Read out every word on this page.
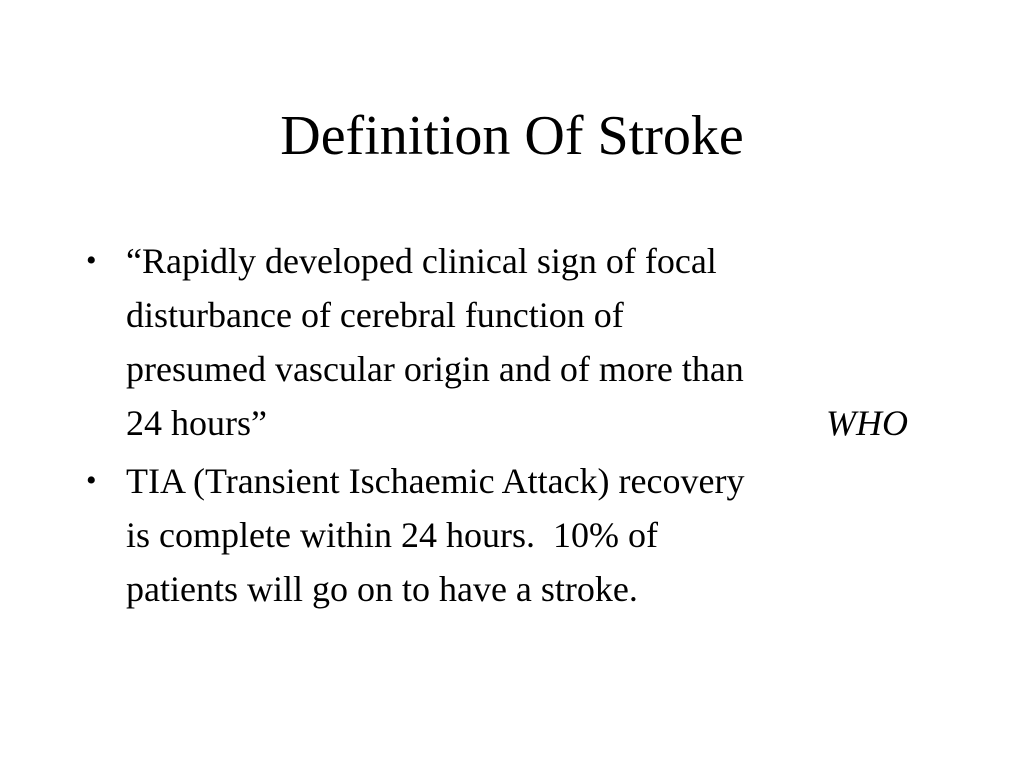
Definition Of Stroke
• “Rapidly developed clinical sign of focal
disturbance of cerebral function of
presumed vascular origin and of more than
24 hours”	WHO
• TIA (Transient Ischaemic Attack) recovery
is complete within 24 hours.  10% of
patients will go on to have a stroke.
